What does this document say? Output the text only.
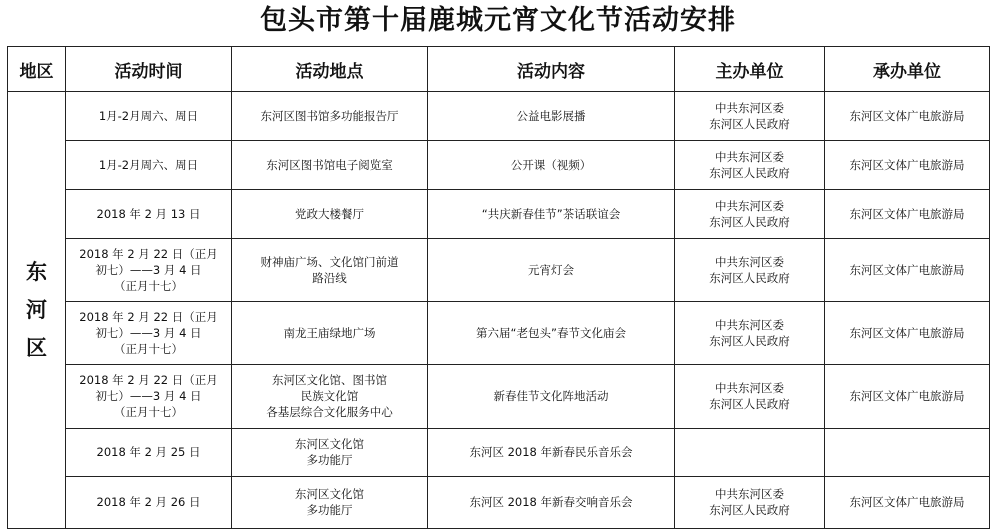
包头市第十届鹿城元宵文化节活动安排
地区	活动时间	活动地点	活动内容	主办单位	承办单位

东
河
区	1月-2月周六、周日	东河区图书馆多功能报告厅	公益电影展播	中共东河区委
东河区人民政府	东河区文体广电旅游局

	1月-2月周六、周日	东河区图书馆电子阅览室	公开课（视频）	中共东河区委
东河区人民政府	东河区文体广电旅游局

	2018 年 2 月 13 日	党政大楼餐厅	“共庆新春佳节”茶话联谊会	中共东河区委
东河区人民政府	东河区文体广电旅游局

	2018 年 2 月 22 日（正月
初七）——3 月 4 日
（正月十七）	财神庙广场、文化馆门前道
路沿线	元宵灯会	中共东河区委
东河区人民政府	东河区文体广电旅游局

	2018 年 2 月 22 日（正月
初七）——3 月 4 日
（正月十七）	南龙王庙绿地广场	第六届“老包头”春节文化庙会	中共东河区委
东河区人民政府	东河区文体广电旅游局

	2018 年 2 月 22 日（正月
初七）——3 月 4 日
（正月十七）	东河区文化馆、图书馆
民族文化馆
各基层综合文化服务中心	新春佳节文化阵地活动	中共东河区委
东河区人民政府	东河区文体广电旅游局

	2018 年 2 月 25 日	东河区文化馆
多功能厅	东河区 2018 年新春民乐音乐会		

	2018 年 2 月 26 日	东河区文化馆
多功能厅	东河区 2018 年新春交响音乐会	中共东河区委
东河区人民政府	东河区文体广电旅游局
